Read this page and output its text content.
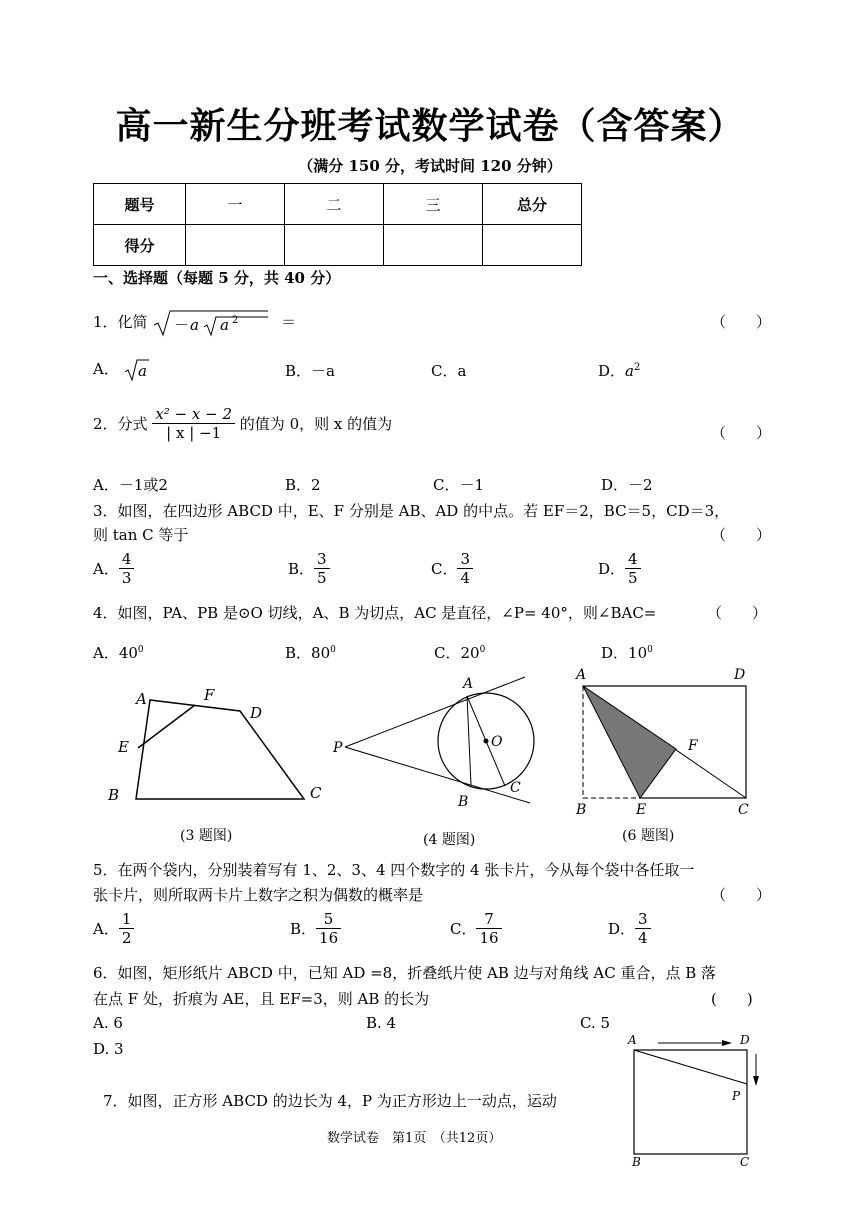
高一新生分班考试数学试卷（含答案）
（满分 150 分，考试时间 120 分钟）
题号	一	二	三	总分
得分				
一、选择题（每题 5 分，共 40 分）
1．化简 － a a 2	＝	（　　）
A． a	B．－a	C．a	D．$a^2$
2．分式 $\frac{\text{x² − x − 2}}{| x | -1}$ 的值为 0，则 x 的值为	（　　）
A．－1或2	B．2	C．－1	D．－2
3．如图，在四边形 ABCD 中，E、F 分别是 AB、AD 的中点。若 EF＝2，BC＝5，CD＝3，
则 tan C 等于	（　　）
A． $\frac{4}{3}$	B． $\frac{3}{5}$	C． $\frac{3}{4}$	D． $\frac{4}{5}$
4．如图，PA、PB 是⊙O 切线，A、B 为切点，AC 是直径，∠P= 40°，则∠BAC=	（　　）
A．$40^0$	B．$80^0$	C．$20^0$	D．$10^0$
A	F
D
E
B	C
A
P	O
B
C
A	D
F
B	E	C
(3 题图)	(4 题图)	(6 题图)
5．在两个袋内，分别装着写有 1、2、3、4 四个数字的 4 张卡片，今从每个袋中各任取一
张卡片，则所取两卡片上数字之积为偶数的概率是	（　　）
A． $\frac{1}{2}$	B． $\frac{5}{16}$	C． $\frac{7}{16}$	D． $\frac{3}{4}$
6．如图，矩形纸片 ABCD 中，已知 AD =8，折叠纸片使 AB 边与对角线 AC 重合，点 B 落
在点 F 处，折痕为 AE，且 EF=3，则 AB 的长为	(　　)
A. 6	B. 4	C. 5
D. 3
7．如图，正方形 ABCD 的边长为 4，P 为正方形边上一动点，运动
A	D
P
B	C
数学试卷　第1页　（共12页）
